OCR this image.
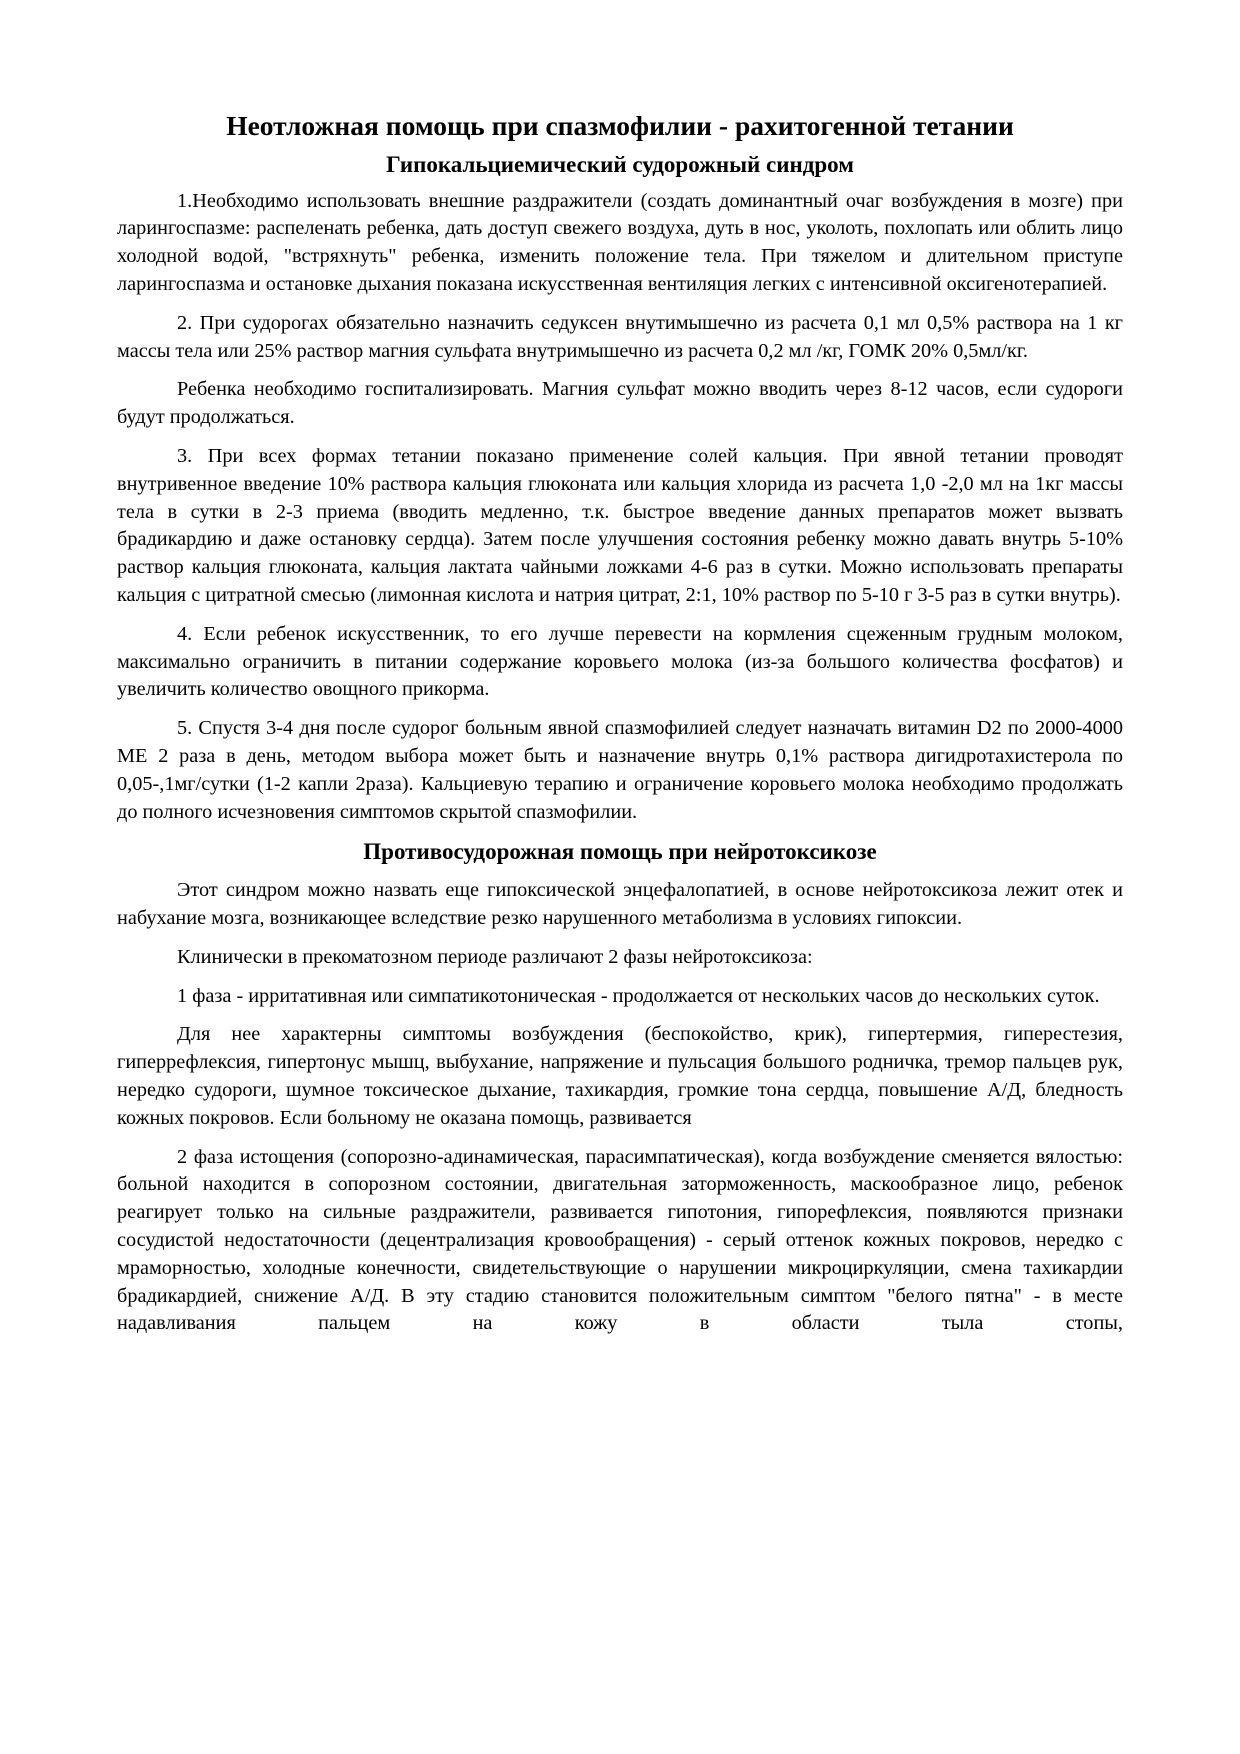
Неотложная помощь при спазмофилии - рахитогенной тетании
Гипокальциемический судорожный синдром

1.Необходимо использовать внешние раздражители (создать доминантный очаг возбуждения в мозге) при ларингоспазме: распеленать ребенка, дать доступ свежего воздуха, дуть в нос, уколоть, похлопать или облить лицо холодной водой, "встряхнуть" ребенка, изменить положение тела. При тяжелом и длительном приступе ларингоспазма и остановке дыхания показана искусственная вентиляция легких с интенсивной оксигенотерапией.

2. При судорогах обязательно назначить седуксен внутимышечно из расчета 0,1 мл 0,5% раствора на 1 кг массы тела или 25% раствор магния сульфата внутримышечно из расчета 0,2 мл /кг, ГОМК 20% 0,5мл/кг.

Ребенка необходимо госпитализировать. Магния сульфат можно вводить через 8-12 часов, если судороги будут продолжаться.

3. При всех формах тетании показано применение солей кальция. При явной тетании проводят внутривенное введение 10% раствора кальция глюконата или кальция хлорида из расчета 1,0 -2,0 мл на 1кг массы тела в сутки в 2-3 приема (вводить медленно, т.к. быстрое введение данных препаратов может вызвать брадикардию и даже остановку сердца). Затем после улучшения состояния ребенку можно давать внутрь 5-10% раствор кальция глюконата, кальция лактата чайными ложками 4-6 раз в сутки. Можно использовать препараты кальция с цитратной смесью (лимонная кислота и натрия цитрат, 2:1, 10% раствор по 5-10 г 3-5 раз в сутки внутрь).

4. Если ребенок искусственник, то его лучше перевести на кормления сцеженным грудным молоком, максимально ограничить в питании содержание коровьего молока (из-за большого количества фосфатов) и увеличить количество овощного прикорма.

5. Спустя 3-4 дня после судорог больным явной спазмофилией следует назначать витамин D2 по 2000-4000 МЕ 2 раза в день, методом выбора может быть и назначение внутрь 0,1% раствора дигидротахистерола по 0,05-,1мг/сутки (1-2 капли 2раза). Кальциевую терапию и ограничение коровьего молока необходимо продолжать до полного исчезновения симптомов скрытой спазмофилии.

Противосудорожная помощь при нейротоксикозе

Этот синдром можно назвать еще гипоксической энцефалопатией, в основе нейротоксикоза лежит отек и набухание мозга, возникающее вследствие резко нарушенного метаболизма в условиях гипоксии.

Клинически в прекоматозном периоде различают 2 фазы нейротоксикоза:

1 фаза - ирритативная или симпатикотоническая - продолжается от нескольких часов до нескольких суток.

Для нее характерны симптомы возбуждения (беспокойство, крик), гипертермия, гиперестезия, гиперрефлексия, гипертонус мышц, выбухание, напряжение и пульсация большого родничка, тремор пальцев рук, нередко судороги, шумное токсическое дыхание, тахикардия, громкие тона сердца, повышение А/Д, бледность кожных покровов. Если больному не оказана помощь, развивается

2 фаза истощения (сопорозно-адинамическая, парасимпатическая), когда возбуждение сменяется вялостью: больной находится в сопорозном состоянии, двигательная заторможенность, маскообразное лицо, ребенок реагирует только на сильные раздражители, развивается гипотония, гипорефлексия, появляются признаки сосудистой недостаточности (децентрализация кровообращения) - серый оттенок кожных покровов, нередко с мраморностью, холодные конечности, свидетельствующие о нарушении микроциркуляции, смена тахикардии брадикардией, снижение А/Д. В эту стадию становится положительным симптом "белого пятна" - в месте надавливания пальцем на кожу в области тыла стопы,
